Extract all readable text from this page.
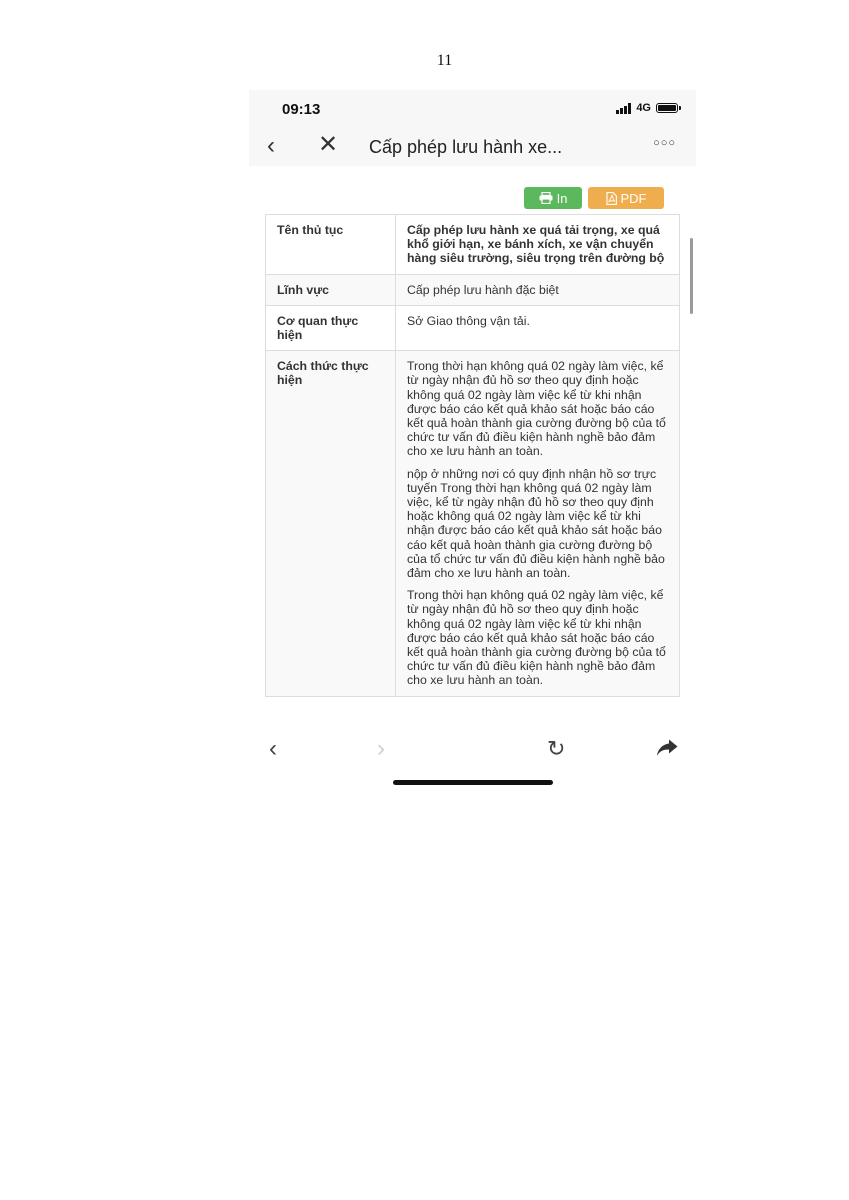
11
09:13	4G
‹ ✕ Cấp phép lưu hành xe...	○○○
In	PDF
Tên thủ tục	Cấp phép lưu hành xe quá tải trọng, xe quá khổ giới hạn, xe bánh xích, xe vận chuyển hàng siêu trường, siêu trọng trên đường bộ
Lĩnh vực	Cấp phép lưu hành đặc biệt
Cơ quan thực hiện	Sở Giao thông vận tải.
Cách thức thực hiện	Trong thời hạn không quá 02 ngày làm việc, kể từ ngày nhận đủ hồ sơ theo quy định hoặc không quá 02 ngày làm việc kể từ khi nhận được báo cáo kết quả khảo sát hoặc báo cáo kết quả hoàn thành gia cường đường bộ của tổ chức tư vấn đủ điều kiện hành nghề bảo đảm cho xe lưu hành an toàn.

nộp ở những nơi có quy định nhận hồ sơ trực tuyến Trong thời hạn không quá 02 ngày làm việc, kể từ ngày nhận đủ hồ sơ theo quy định hoặc không quá 02 ngày làm việc kể từ khi nhận được báo cáo kết quả khảo sát hoặc báo cáo kết quả hoàn thành gia cường đường bộ của tổ chức tư vấn đủ điều kiện hành nghề bảo đảm cho xe lưu hành an toàn.

Trong thời hạn không quá 02 ngày làm việc, kể từ ngày nhận đủ hồ sơ theo quy định hoặc không quá 02 ngày làm việc kể từ khi nhận được báo cáo kết quả khảo sát hoặc báo cáo kết quả hoàn thành gia cường đường bộ của tổ chức tư vấn đủ điều kiện hành nghề bảo đảm cho xe lưu hành an toàn.

‹	›	↻
